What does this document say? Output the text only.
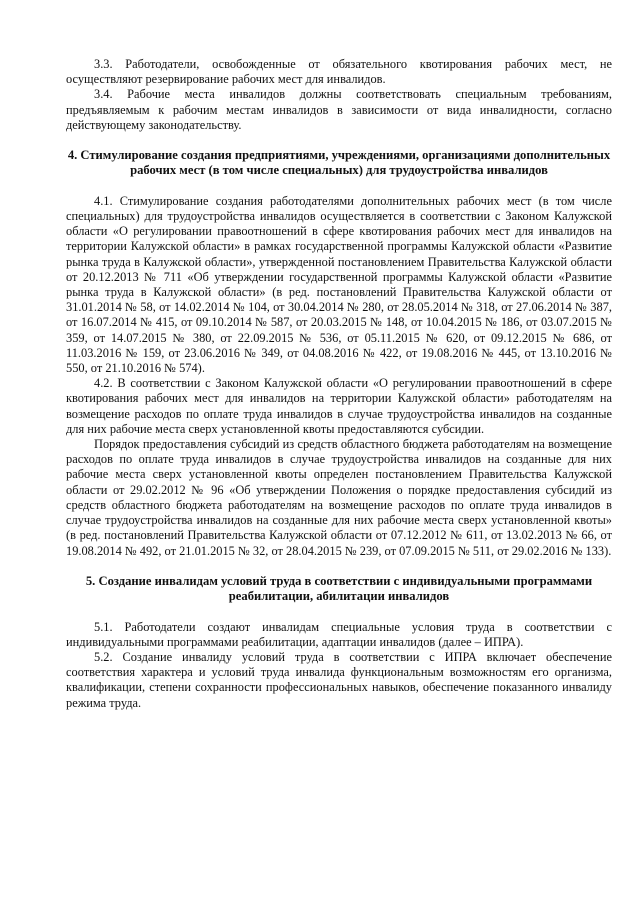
3.3. Работодатели, освобожденные от обязательного квотирования рабочих мест, не осуществляют резервирование рабочих мест для инвалидов.

3.4. Рабочие места инвалидов должны соответствовать специальным требованиям, предъявляемым к рабочим местам инвалидов в зависимости от вида инвалидности, согласно действующему законодательству.

4. Стимулирование создания предприятиями, учреждениями, организациями дополнительных рабочих мест (в том числе специальных) для трудоустройства инвалидов

4.1. Стимулирование создания работодателями дополнительных рабочих мест (в том числе специальных) для трудоустройства инвалидов осуществляется в соответствии с Законом Калужской области «О регулировании правоотношений в сфере квотирования рабочих мест для инвалидов на территории Калужской области» в рамках государственной программы Калужской области «Развитие рынка труда в Калужской области», утвержденной постановлением Правительства Калужской области от 20.12.2013 № 711 «Об утверждении государственной программы Калужской области «Развитие рынка труда в Калужской области» (в ред. постановлений Правительства Калужской области от 31.01.2014 № 58, от 14.02.2014 № 104, от 30.04.2014 № 280, от 28.05.2014 № 318, от 27.06.2014 № 387, от 16.07.2014 № 415, от 09.10.2014 № 587, от 20.03.2015 № 148, от 10.04.2015 № 186, от 03.07.2015 № 359, от 14.07.2015 № 380, от 22.09.2015 № 536, от 05.11.2015 № 620, от 09.12.2015 № 686, от 11.03.2016 № 159, от 23.06.2016 № 349, от 04.08.2016 № 422, от 19.08.2016 № 445, от 13.10.2016 № 550, от 21.10.2016 № 574).

4.2. В соответствии с Законом Калужской области «О регулировании правоотношений в сфере квотирования рабочих мест для инвалидов на территории Калужской области» работодателям на возмещение расходов по оплате труда инвалидов в случае трудоустройства инвалидов на созданные для них рабочие места сверх установленной квоты предоставляются субсидии.

Порядок предоставления субсидий из средств областного бюджета работодателям на возмещение расходов по оплате труда инвалидов в случае трудоустройства инвалидов на созданные для них рабочие места сверх установленной квоты определен постановлением Правительства Калужской области от 29.02.2012 № 96 «Об утверждении Положения о порядке предоставления субсидий из средств областного бюджета работодателям на возмещение расходов по оплате труда инвалидов в случае трудоустройства инвалидов на созданные для них рабочие места сверх установленной квоты» (в ред. постановлений Правительства Калужской области от 07.12.2012 № 611, от 13.02.2013 № 66, от 19.08.2014 № 492, от 21.01.2015 № 32, от 28.04.2015 № 239, от 07.09.2015 № 511, от 29.02.2016 № 133).

5. Создание инвалидам условий труда в соответствии с индивидуальными программами реабилитации, абилитации инвалидов

5.1. Работодатели создают инвалидам специальные условия труда в соответствии с индивидуальными программами реабилитации, адаптации инвалидов (далее – ИПРА).

5.2. Создание инвалиду условий труда в соответствии с ИПРА включает обеспечение соответствия характера и условий труда инвалида функциональным возможностям его организма, квалификации, степени сохранности профессиональных навыков, обеспечение показанного инвалиду режима труда.
